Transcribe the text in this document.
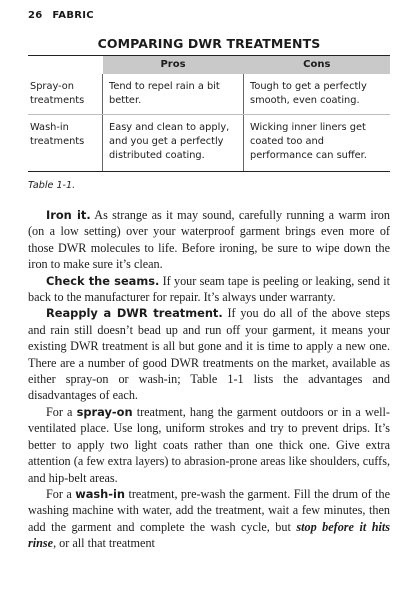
26 FABRIC
COMPARING DWR TREATMENTS
	Pros	Cons
Spray-on treatments	Tend to repel rain a bit better.	Tough to get a perfectly smooth, even coating.
Wash-in treatments	Easy and clean to apply, and you get a perfectly distributed coating.	Wicking inner liners get coated too and performance can suffer.
Table 1-1.

Iron it. As strange as it may sound, carefully running a warm iron (on a low setting) over your waterproof garment brings even more of those DWR molecules to life. Before ironing, be sure to wipe down the iron to make sure it’s clean.

Check the seams. If your seam tape is peeling or leaking, send it back to the manufacturer for repair. It’s always under warranty.

Reapply a DWR treatment. If you do all of the above steps and rain still doesn’t bead up and run off your garment, it means your existing DWR treatment is all but gone and it is time to apply a new one. There are a number of good DWR treatments on the market, available as either spray-on or wash-in; Table 1-1 lists the advantages and disadvantages of each.

For a spray-on treatment, hang the garment outdoors or in a well-ventilated place. Use long, uniform strokes and try to prevent drips. It’s better to apply two light coats rather than one thick one. Give extra attention (a few extra layers) to abrasion-prone areas like shoulders, cuffs, and hip-belt areas.

For a wash-in treatment, pre-wash the garment. Fill the drum of the washing machine with water, add the treatment, wait a few minutes, then add the garment and complete the wash cycle, but stop before it hits rinse, or all that treatment
